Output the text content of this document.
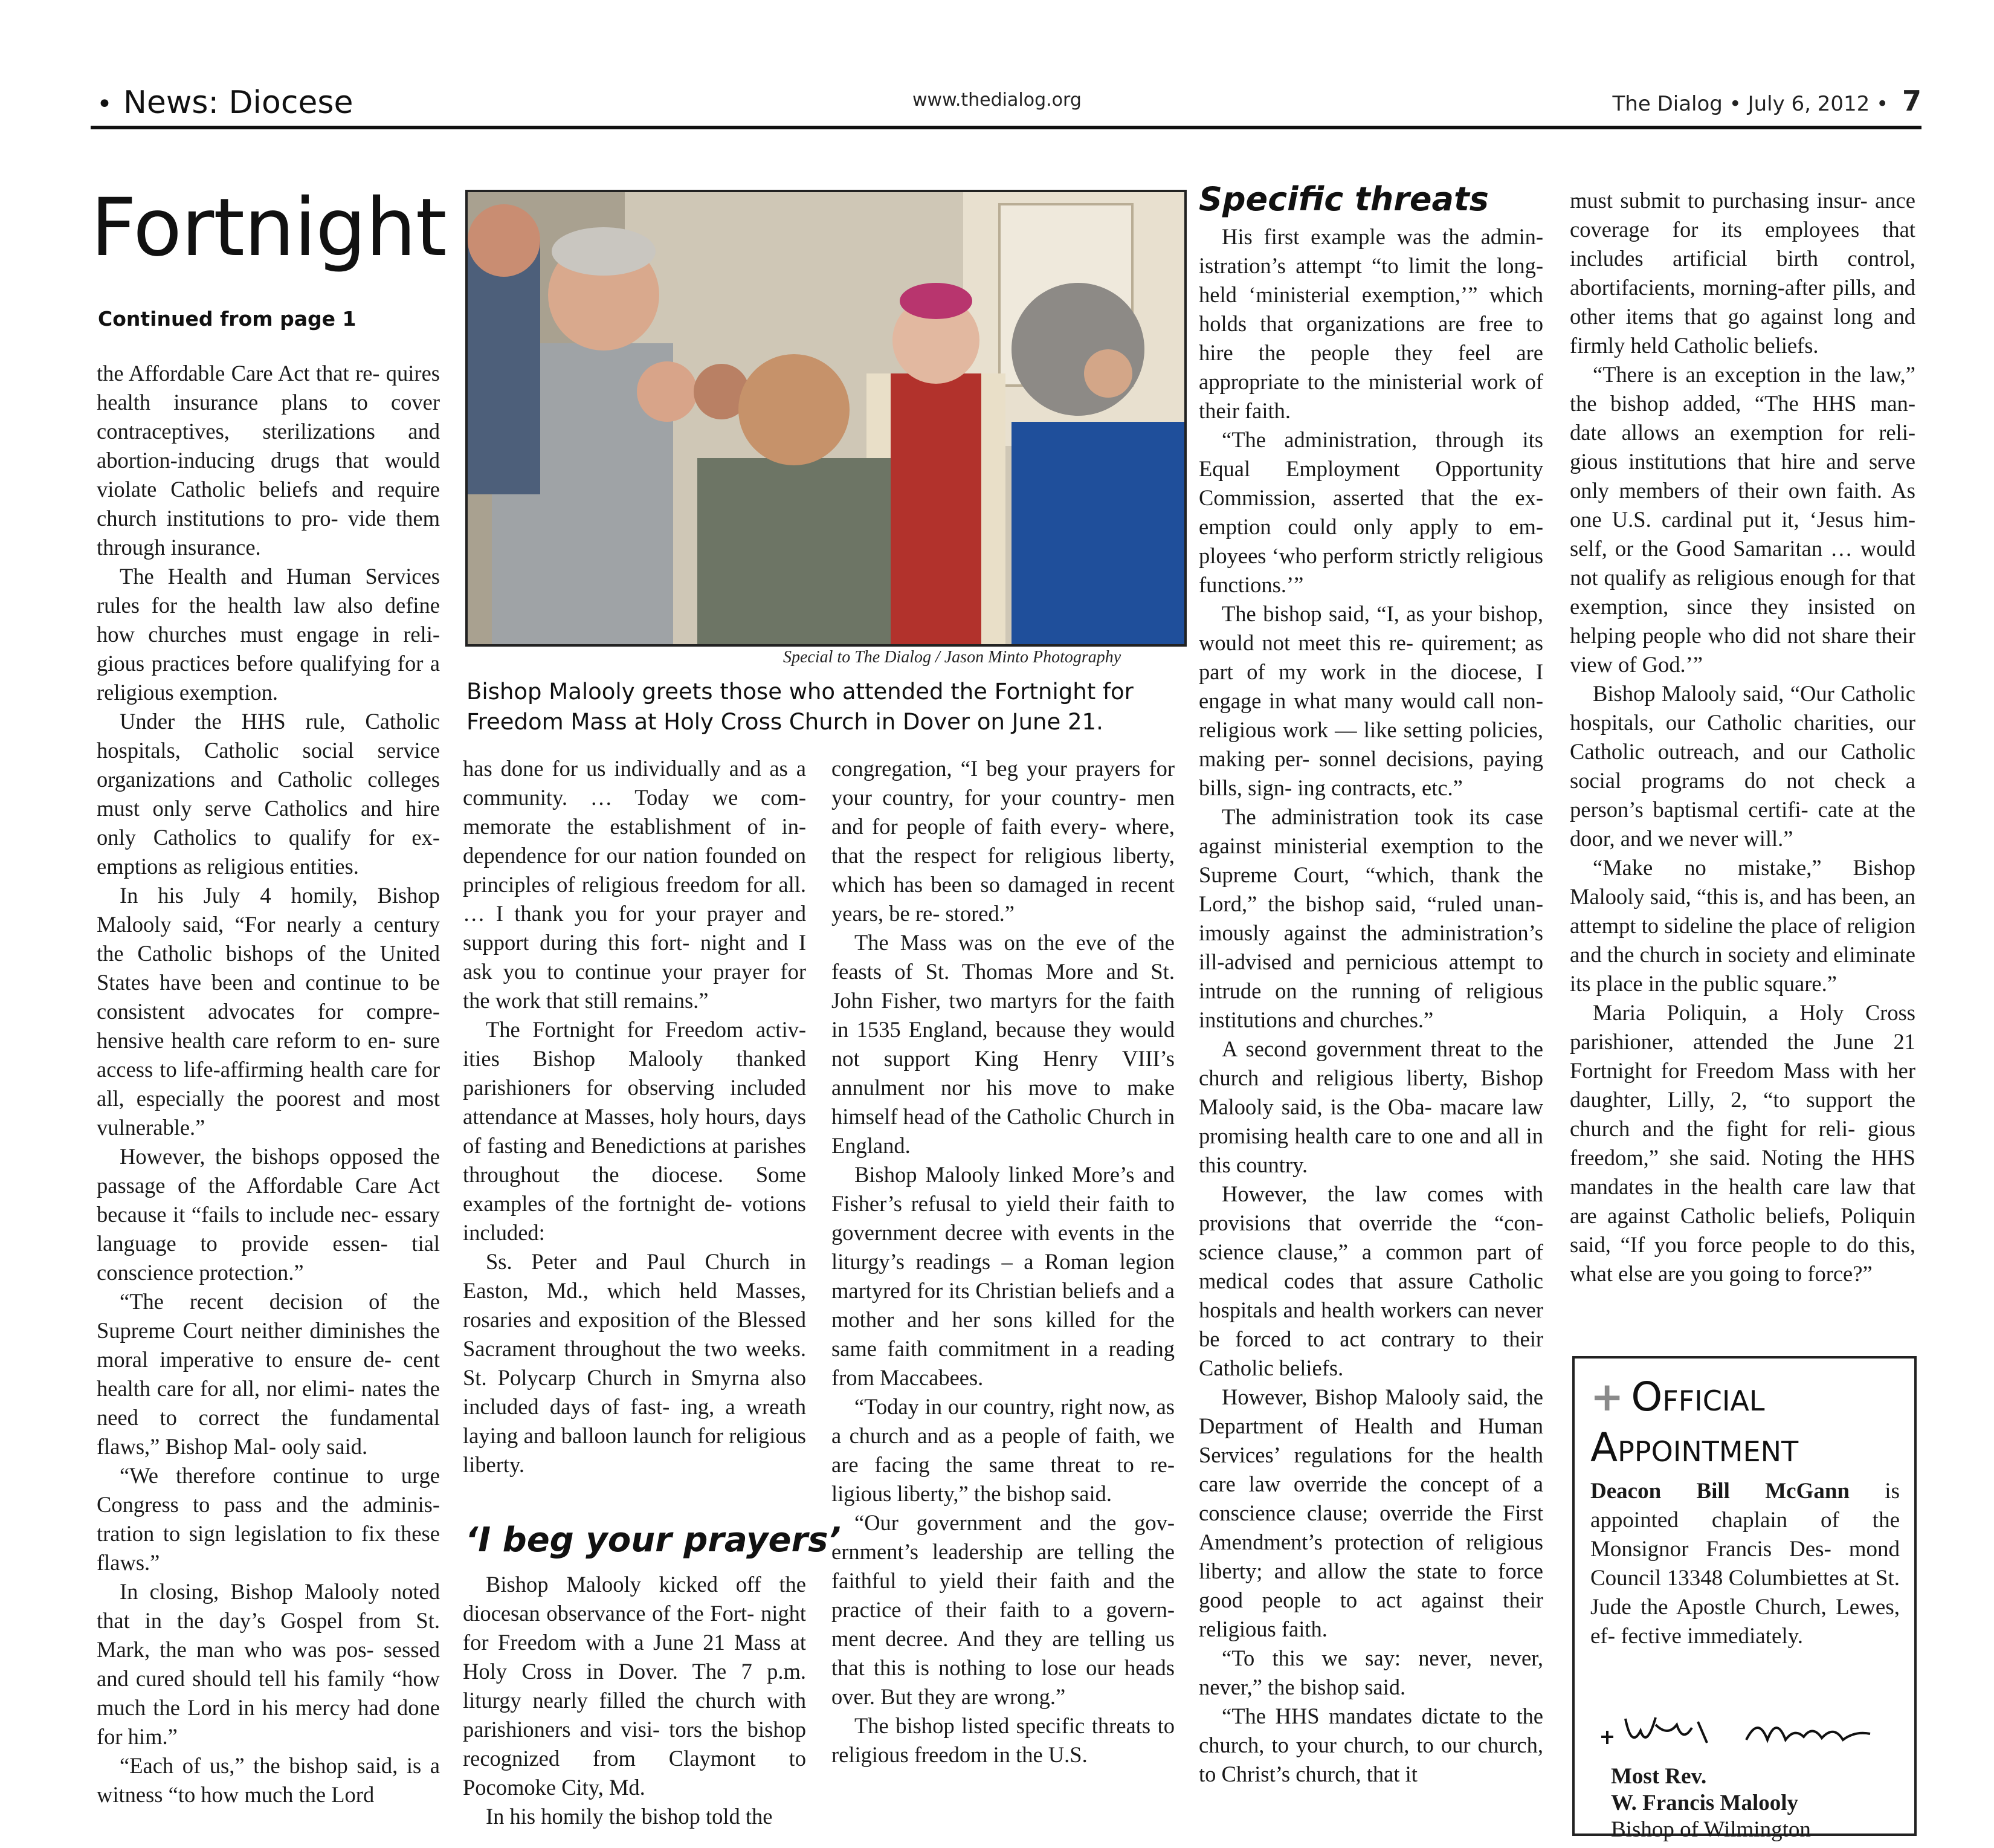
• News: Diocese	www.thedialog.org	The Dialog • July 6, 2012 • 7
Fortnight
Continued from page 1

the Affordable Care Act that re- quires health insurance plans to cover contraceptives, sterilizations and abortion-inducing drugs that would violate Catholic beliefs and require church institutions to pro- vide them through insurance.

The Health and Human Services rules for the health law also define how churches must engage in reli- gious practices before qualifying for a religious exemption.

Under the HHS rule, Catholic hospitals, Catholic social service organizations and Catholic colleges must only serve Catholics and hire only Catholics to qualify for ex- emptions as religious entities.

In his July 4 homily, Bishop Malooly said, “For nearly a century the Catholic bishops of the United States have been and continue to be consistent advocates for compre- hensive health care reform to en- sure access to life-affirming health care for all, especially the poorest and most vulnerable.”

However, the bishops opposed the passage of the Affordable Care Act because it “fails to include nec- essary language to provide essen- tial conscience protection.”

“The recent decision of the Supreme Court neither diminishes the moral imperative to ensure de- cent health care for all, nor elimi- nates the need to correct the fundamental flaws,” Bishop Mal- ooly said.

“We therefore continue to urge Congress to pass and the adminis- tration to sign legislation to fix these flaws.”

In closing, Bishop Malooly noted that in the day’s Gospel from St. Mark, the man who was pos- sessed and cured should tell his family “how much the Lord in his mercy had done for him.”

“Each of us,” the bishop said, is a witness “to how much the Lord

Special to The Dialog / Jason Minto Photography
Bishop Malooly greets those who attended the Fortnight for Freedom Mass at Holy Cross Church in Dover on June 21.

has done for us individually and as a community. … Today we com- memorate the establishment of in- dependence for our nation founded on principles of religious freedom for all. … I thank you for your prayer and support during this fort- night and I ask you to continue your prayer for the work that still remains.”

The Fortnight for Freedom activ- ities Bishop Malooly thanked parishioners for observing included attendance at Masses, holy hours, days of fasting and Benedictions at parishes throughout the diocese. Some examples of the fortnight de- votions included:

Ss. Peter and Paul Church in Easton, Md., which held Masses, rosaries and exposition of the Blessed Sacrament throughout the two weeks. St. Polycarp Church in Smyrna also included days of fast- ing, a wreath laying and balloon launch for religious liberty.

‘I beg your prayers’

Bishop Malooly kicked off the diocesan observance of the Fort- night for Freedom with a June 21 Mass at Holy Cross in Dover. The 7 p.m. liturgy nearly filled the church with parishioners and visi- tors the bishop recognized from Claymont to Pocomoke City, Md.

In his homily the bishop told the

congregation, “I beg your prayers for your country, for your country- men and for people of faith every- where, that the respect for religious liberty, which has been so damaged in recent years, be re- stored.”

The Mass was on the eve of the feasts of St. Thomas More and St. John Fisher, two martyrs for the faith in 1535 England, because they would not support King Henry VIII’s annulment nor his move to make himself head of the Catholic Church in England.

Bishop Malooly linked More’s and Fisher’s refusal to yield their faith to government decree with events in the liturgy’s readings – a Roman legion martyred for its Christian beliefs and a mother and her sons killed for the same faith commitment in a reading from Maccabees.

“Today in our country, right now, as a church and as a people of faith, we are facing the same threat to re- ligious liberty,” the bishop said.

“Our government and the gov- ernment’s leadership are telling the faithful to yield their faith and the practice of their faith to a govern- ment decree. And they are telling us that this is nothing to lose our heads over. But they are wrong.”

The bishop listed specific threats to religious freedom in the U.S.

Specific threats

His first example was the admin- istration’s attempt “to limit the long-held ‘ministerial exemption,’” which holds that organizations are free to hire the people they feel are appropriate to the ministerial work of their faith.

“The administration, through its Equal Employment Opportunity Commission, asserted that the ex- emption could only apply to em- ployees ‘who perform strictly religious functions.’”

The bishop said, “I, as your bishop, would not meet this re- quirement; as part of my work in the diocese, I engage in what many would call non-religious work — like setting policies, making per- sonnel decisions, paying bills, sign- ing contracts, etc.”

The administration took its case against ministerial exemption to the Supreme Court, “which, thank the Lord,” the bishop said, “ruled unan- imously against the administration’s ill-advised and pernicious attempt to intrude on the running of religious institutions and churches.”

A second government threat to the church and religious liberty, Bishop Malooly said, is the Oba- macare law promising health care to one and all in this country.

However, the law comes with provisions that override the “con- science clause,” a common part of medical codes that assure Catholic hospitals and health workers can never be forced to act contrary to their Catholic beliefs.

However, Bishop Malooly said, the Department of Health and Human Services’ regulations for the health care law override the concept of a conscience clause; override the First Amendment’s protection of religious liberty; and allow the state to force good people to act against their religious faith.

“To this we say: never, never, never,” the bishop said.

“The HHS mandates dictate to the church, to your church, to our church, to Christ’s church, that it

must submit to purchasing insur- ance coverage for its employees that includes artificial birth control, abortifacients, morning-after pills, and other items that go against long and firmly held Catholic beliefs.

“There is an exception in the law,” the bishop added, “The HHS man- date allows an exemption for reli- gious institutions that hire and serve only members of their own faith. As one U.S. cardinal put it, ‘Jesus him- self, or the Good Samaritan … would not qualify as religious enough for that exemption, since they insisted on helping people who did not share their view of God.’”

Bishop Malooly said, “Our Catholic hospitals, our Catholic charities, our Catholic outreach, and our Catholic social programs do not check a person’s baptismal certifi- cate at the door, and we never will.”

“Make no mistake,” Bishop Malooly said, “this is, and has been, an attempt to sideline the place of religion and the church in society and eliminate its place in the public square.”

Maria Poliquin, a Holy Cross parishioner, attended the June 21 Fortnight for Freedom Mass with her daughter, Lilly, 2, “to support the church and the fight for reli- gious freedom,” she said. Noting the HHS mandates in the health care law that are against Catholic beliefs, Poliquin said, “If you force people to do this, what else are you going to force?”

+ Official
Appointment
Deacon Bill McGann is appointed chaplain of the Monsignor Francis Des- mond Council 13348 Columbiettes at St. Jude the Apostle Church, Lewes, ef- fective immediately.
Most Rev.
W. Francis Malooly
Bishop of Wilmington
